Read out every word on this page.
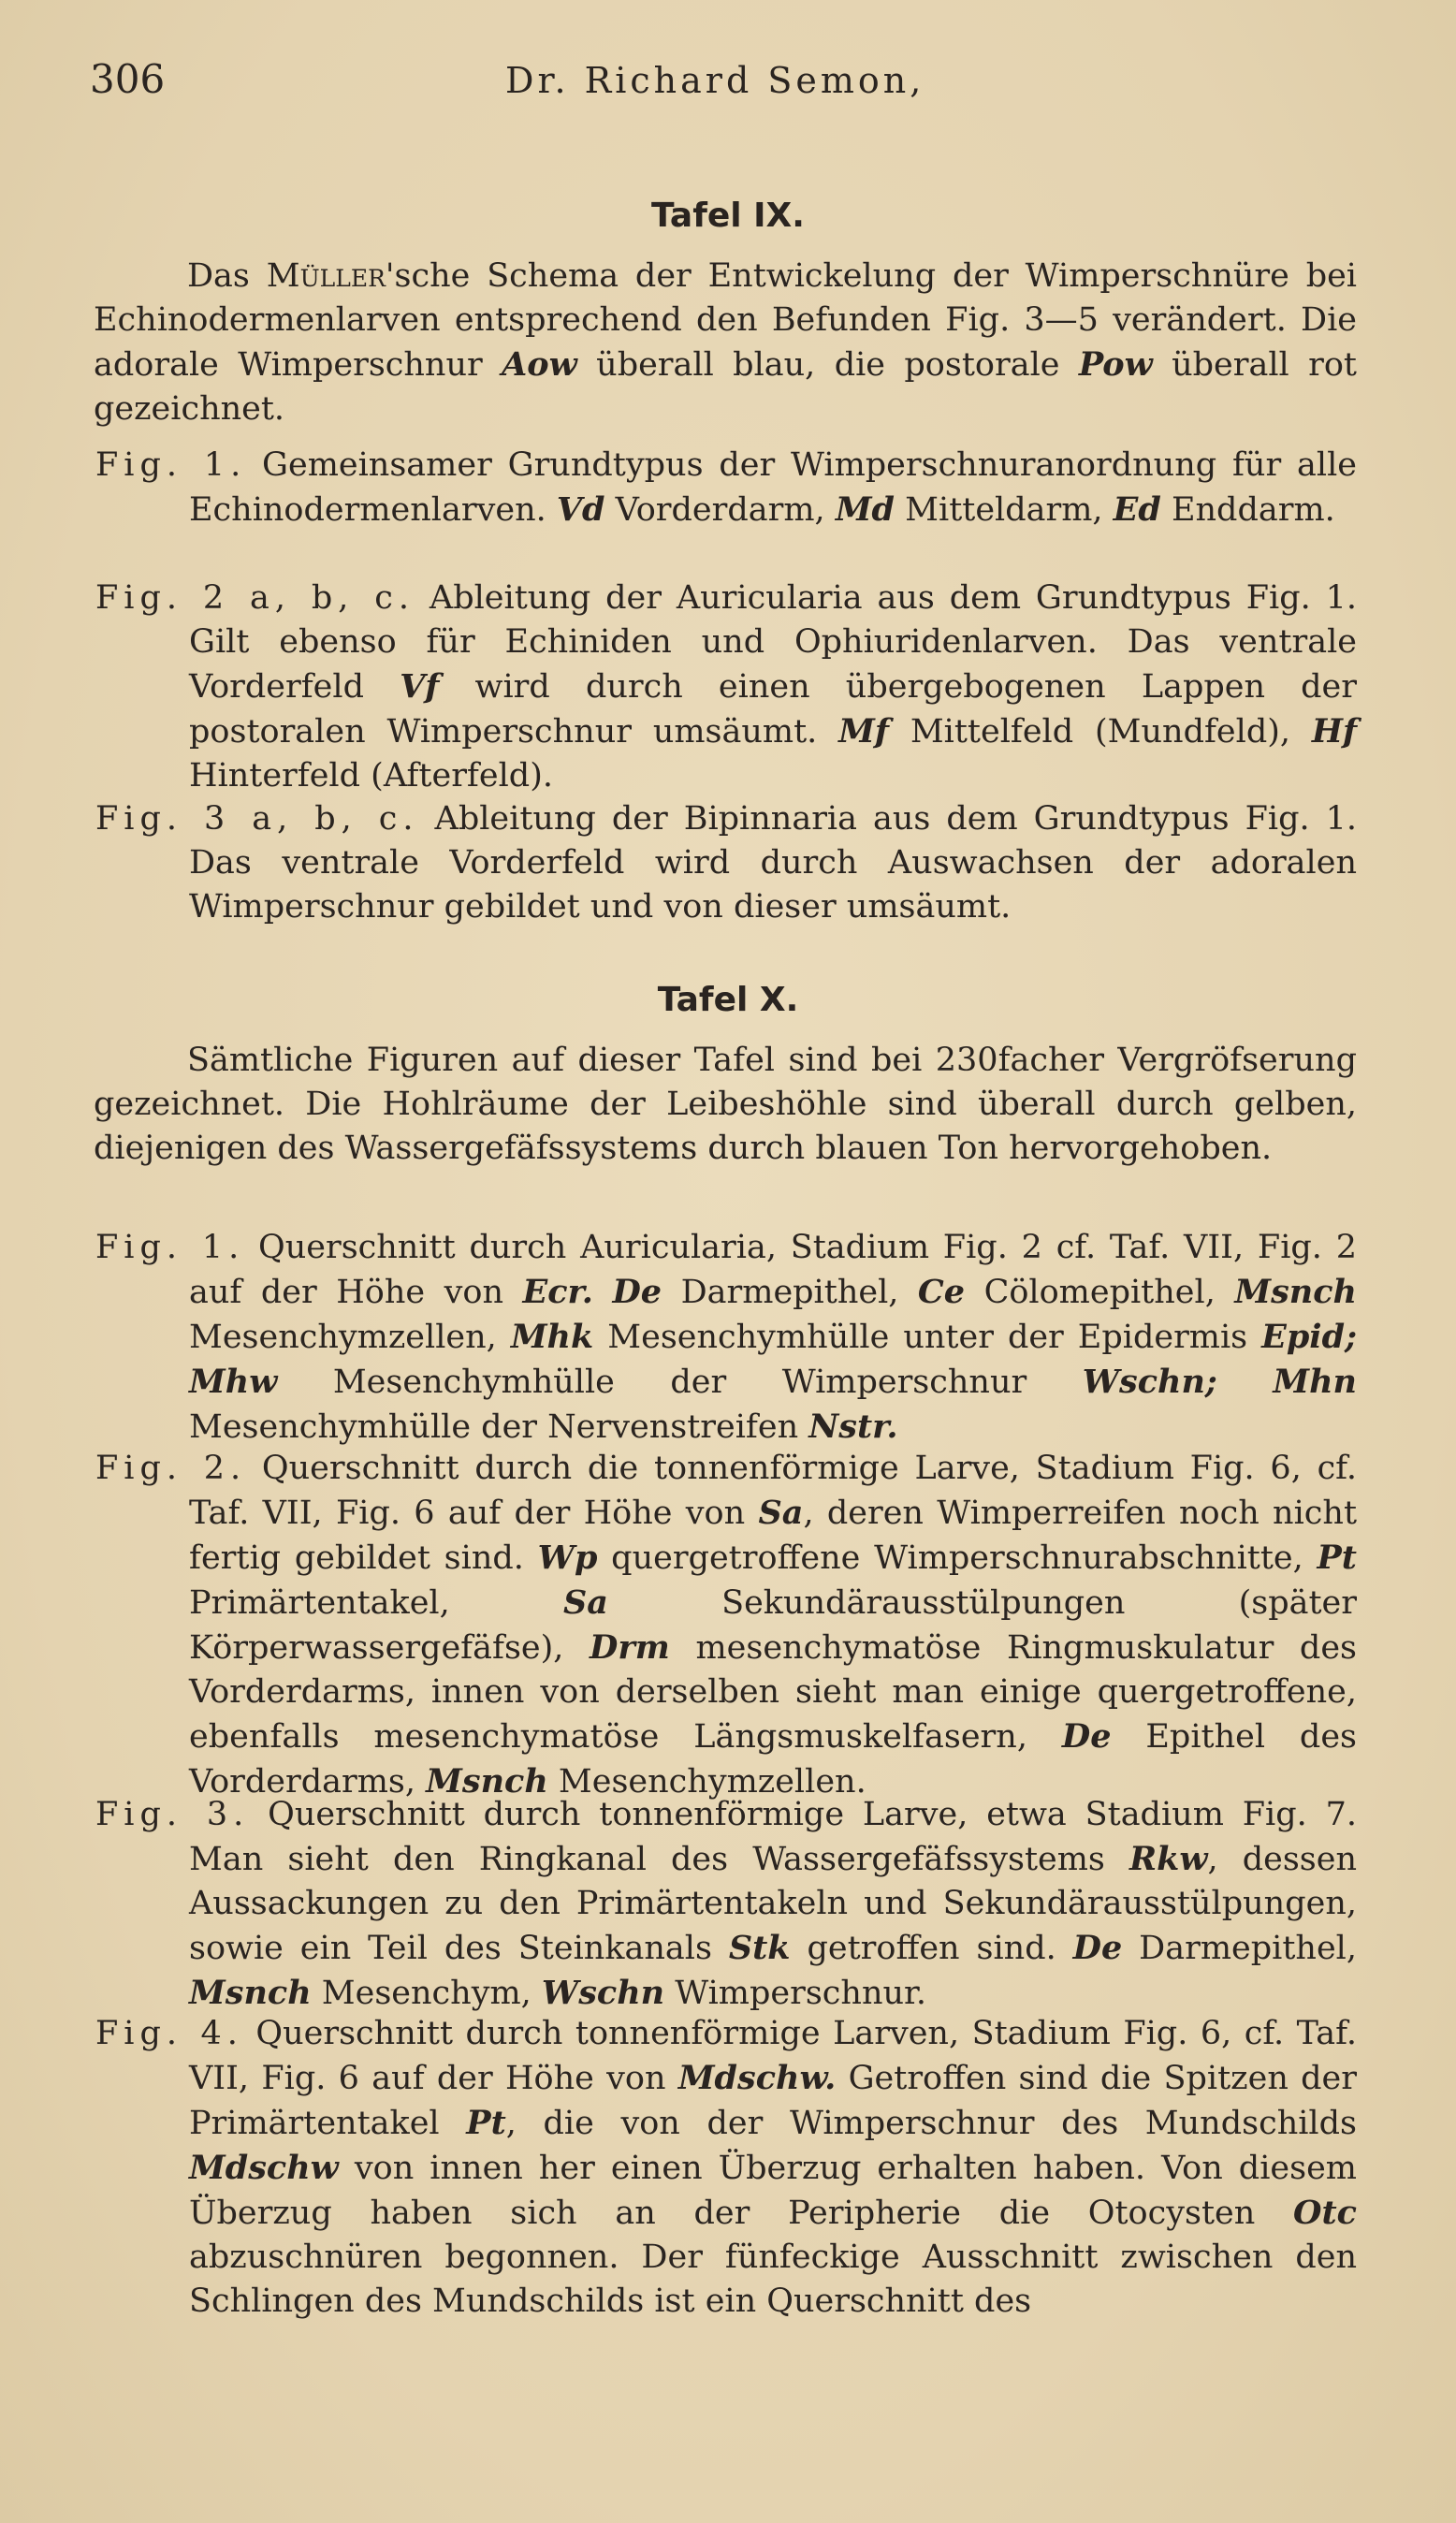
306	Dr. Richard Semon,
Tafel IX.

Das Müller'sche Schema der Entwickelung der Wimperschnüre bei Echinodermenlarven entsprechend den Befunden Fig. 3—5 verändert. Die adorale Wimperschnur Aow überall blau, die postorale Pow überall rot gezeichnet.

Fig. 1. Gemeinsamer Grundtypus der Wimperschnuranordnung für alle Echinodermenlarven. Vd Vorderdarm, Md Mitteldarm, Ed Enddarm.

Fig. 2 a, b, c. Ableitung der Auricularia aus dem Grundtypus Fig. 1. Gilt ebenso für Echiniden und Ophiuridenlarven. Das ventrale Vorderfeld Vf wird durch einen übergebogenen Lappen der postoralen Wimperschnur umsäumt. Mf Mittelfeld (Mundfeld), Hf Hinterfeld (Afterfeld).

Fig. 3 a, b, c. Ableitung der Bipinnaria aus dem Grundtypus Fig. 1. Das ventrale Vorderfeld wird durch Auswachsen der adoralen Wimperschnur gebildet und von dieser umsäumt.

Tafel X.

Sämtliche Figuren auf dieser Tafel sind bei 230facher Vergröfserung gezeichnet. Die Hohlräume der Leibeshöhle sind überall durch gelben, diejenigen des Wassergefäfssystems durch blauen Ton hervorgehoben.

Fig. 1. Querschnitt durch Auricularia, Stadium Fig. 2 cf. Taf. VII, Fig. 2 auf der Höhe von Ecr. De Darmepithel, Ce Cölomepithel, Msnch Mesenchymzellen, Mhk Mesenchymhülle unter der Epidermis Epid; Mhw Mesenchymhülle der Wimperschnur Wschn; Mhn Mesenchymhülle der Nervenstreifen Nstr.

Fig. 2. Querschnitt durch die tonnenförmige Larve, Stadium Fig. 6, cf. Taf. VII, Fig. 6 auf der Höhe von Sa, deren Wimperreifen noch nicht fertig gebildet sind. Wp quergetroffene Wimperschnurabschnitte, Pt Primärtentakel, Sa Sekundärausstülpungen (später Körperwassergefäfse), Drm mesenchymatöse Ringmuskulatur des Vorderdarms, innen von derselben sieht man einige quergetroffene, ebenfalls mesenchymatöse Längsmuskelfasern, De Epithel des Vorderdarms, Msnch Mesenchymzellen.

Fig. 3. Querschnitt durch tonnenförmige Larve, etwa Stadium Fig. 7. Man sieht den Ringkanal des Wassergefäfssystems Rkw, dessen Aussackungen zu den Primärtentakeln und Sekundärausstülpungen, sowie ein Teil des Steinkanals Stk getroffen sind. De Darmepithel, Msnch Mesenchym, Wschn Wimperschnur.

Fig. 4. Querschnitt durch tonnenförmige Larven, Stadium Fig. 6, cf. Taf. VII, Fig. 6 auf der Höhe von Mdschw. Getroffen sind die Spitzen der Primärtentakel Pt, die von der Wimperschnur des Mundschilds Mdschw von innen her einen Überzug erhalten haben. Von diesem Überzug haben sich an der Peripherie die Otocysten Otc abzuschnüren begonnen. Der fünfeckige Ausschnitt zwischen den Schlingen des Mundschilds ist ein Querschnitt des
